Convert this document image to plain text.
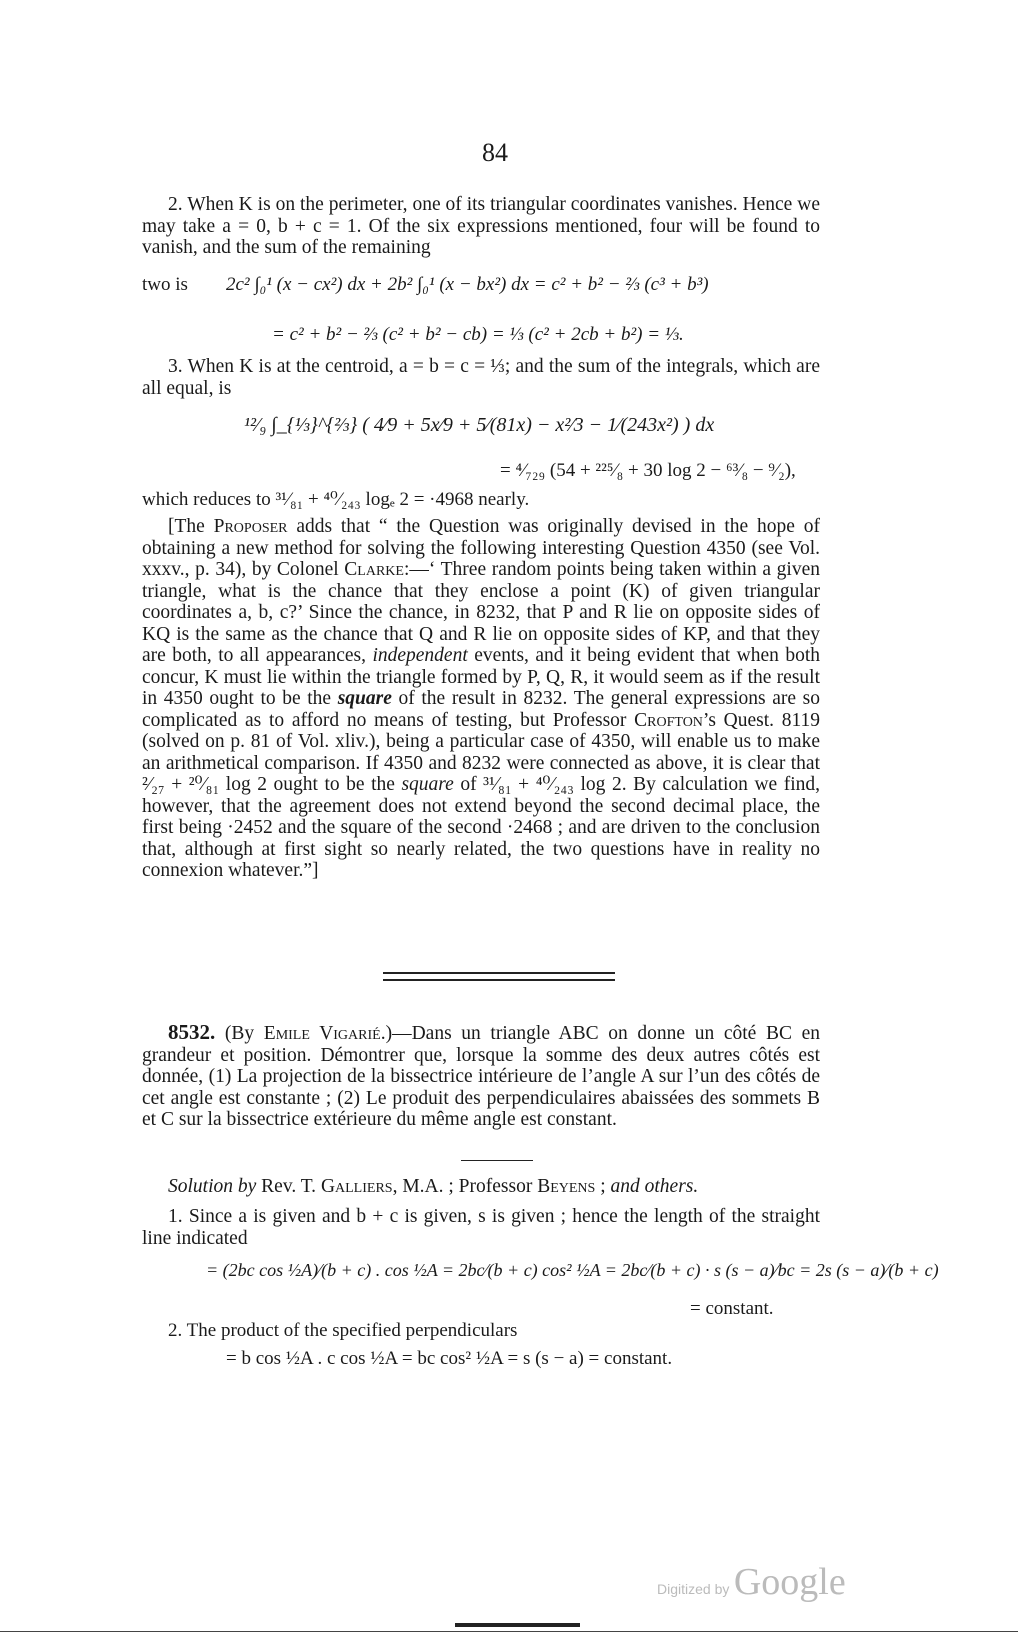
84
2. When K is on the perimeter, one of its triangular coordinates vanishes. Hence we may take a = 0, b + c = 1. Of the six expressions mentioned, four will be found to vanish, and the sum of the remaining
two is 2c² ∫₀¹ (x − cx²) dx + 2b² ∫₀¹ (x − bx²) dx = c² + b² − ⅔ (c³ + b³)
= c² + b² − ⅔ (c² + b² − cb) = ⅓ (c² + 2cb + b²) = ⅓.
3. When K is at the centroid, a = b = c = ⅓; and the sum of the integrals, which are all equal, is
¹²⁄₉ ∫_{⅓}^{⅔} ( 4⁄9 + 5x⁄9 + 5⁄(81x) − x²⁄3 − 1⁄(243x²) ) dx
= ⁴⁄₇₂₉ (54 + ²²⁵⁄₈ + 30 log 2 − ⁶³⁄₈ − ⁹⁄₂),
which reduces to ³¹⁄₈₁ + ⁴⁰⁄₂₄₃ logₑ 2 = ·4968 nearly.
[The Proposer adds that “ the Question was originally devised in the hope of obtaining a new method for solving the following interesting Question 4350 (see Vol. xxxv., p. 34), by Colonel Clarke:—‘ Three random points being taken within a given triangle, what is the chance that they enclose a point (K) of given triangular coordinates a, b, c?’ Since the chance, in 8232, that P and R lie on opposite sides of KQ is the same as the chance that Q and R lie on opposite sides of KP, and that they are both, to all appearances, independent events, and it being evident that when both concur, K must lie within the triangle formed by P, Q, R, it would seem as if the result in 4350 ought to be the square of the result in 8232. The general expressions are so complicated as to afford no means of testing, but Professor Crofton’s Quest. 8119 (solved on p. 81 of Vol. xliv.), being a particular case of 4350, will enable us to make an arithmetical comparison. If 4350 and 8232 were connected as above, it is clear that ²⁄₂₇ + ²⁰⁄₈₁ log 2 ought to be the square of ³¹⁄₈₁ + ⁴⁰⁄₂₄₃ log 2. By calculation we find, however, that the agreement does not extend beyond the second decimal place, the first being ·2452 and the square of the second ·2468 ; and are driven to the conclusion that, although at first sight so nearly related, the two questions have in reality no connexion whatever.”]
8532. (By Emile Vigarié.)—Dans un triangle ABC on donne un côté BC en grandeur et position. Démontrer que, lorsque la somme des deux autres côtés est donnée, (1) La projection de la bissectrice intérieure de l’angle A sur l’un des côtés de cet angle est constante ; (2) Le produit des perpendiculaires abaissées des sommets B et C sur la bissectrice extérieure du même angle est constant.
Solution by Rev. T. Galliers, M.A. ; Professor Beyens ; and others.
1. Since a is given and b + c is given, s is given ; hence the length of the straight line indicated
= (2bc cos ½A)⁄(b + c) . cos ½A = 2bc⁄(b + c) cos² ½A = 2bc⁄(b + c) · s (s − a)⁄bc = 2s (s − a)⁄(b + c)
= constant.
2. The product of the specified perpendiculars
= b cos ½A . c cos ½A = bc cos² ½A = s (s − a) = constant.
Digitized by Google
